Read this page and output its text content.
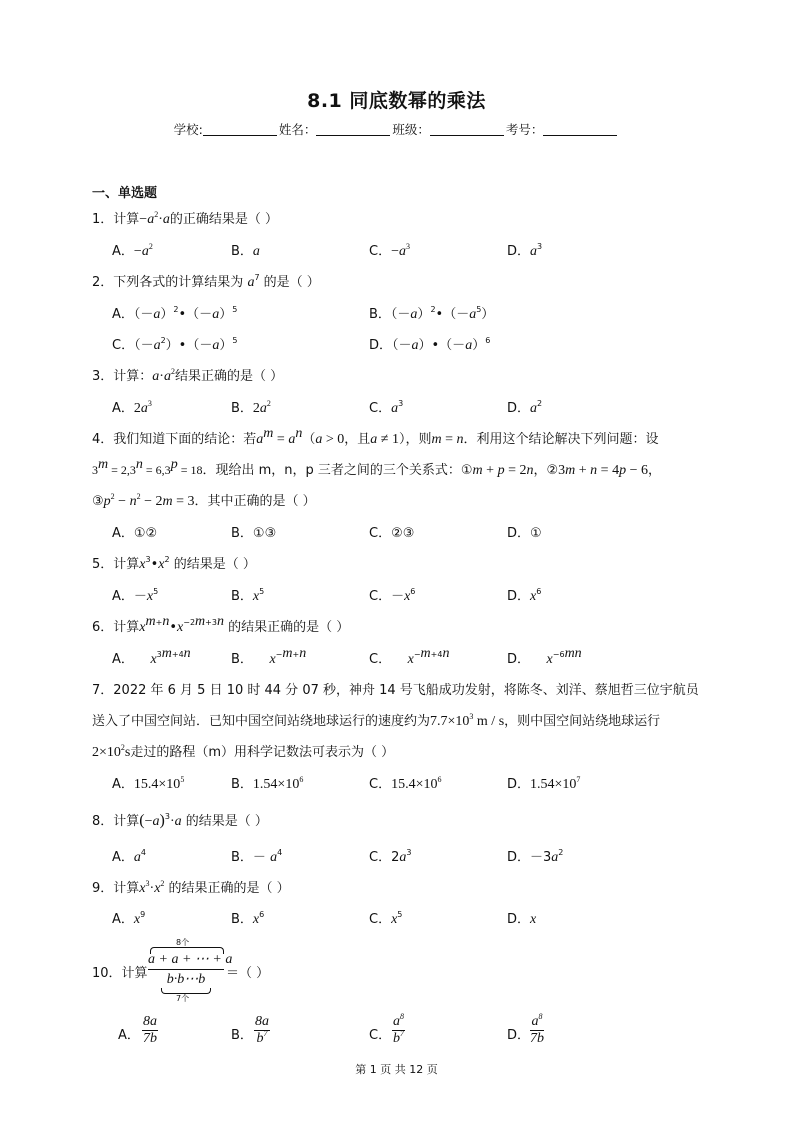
8.1 同底数幂的乘法
学校:	姓名：	班级：	考号：
一、单选题
1．计算$-a^2\cdot a$的正确结果是（ ）
A．$-a^2$	B．a	C．$-a^3$	D．$a^3$
2．下列各式的计算结果为 $a^7$ 的是（ ）
A．$(-a)^2•(-a)^5$	B．$(-a)^2•(-a^5)$
C．$(-a^2)•(-a)^5$	D．$(-a)•(-a)^6$
3．计算：$a\cdot a^2$结果正确的是（ ）
A．$2a^3$	B．$2a^2$	C．$a^3$	D．$a^2$
4．我们知道下面的结论：若$a^m = a^n(a > 0$，且a ≠ 1），则m = n．利用这个结论解决下列问题：设
$3^m = 2,3^n = 6,3^p = 18$．现给出 m，n，p 三者之间的三个关系式：①m + p = 2n，②3m + n = 4p − 6，
$③p^2 - n^2 - 2m = 3$．其中正确的是（ ）
A．①②	B．①③	C．②③	D．①
5．计算$x^3•x^2$ 的结果是（ ）
A．$-x^5$	B．$x^5$	C．$-x^6$	D．$x^6$
6．计算$x^{m+n}•x^{-2m+3n}$ 的结果正确的是（ ）
A．    $x^{3m+4n}$	B．    $x^{-m+n}$	C．    $x^{-m+4n}$	D．    $x^{-6mn}$
7．2022 年 6 月 5 日 10 时 44 分 07 秒，神舟 14 号飞船成功发射，将陈冬、刘洋、蔡旭哲三位宇航员
送入了中国空间站．已知中国空间站绕地球运行的速度约为$7.7\times 10^3$ m / s，则中国空间站绕地球运行
$2\times 10^2s$走过的路程（m）用科学记数法可表示为（ ）
A．$15.4\times 10^5$	B．$1.54\times 10^6$	C．$15.4\times 10^6$	D．$1.54\times 10^7$
8．计算$(-a)^3\cdot a$ 的结果是（ ）
A．$a^4$	B．－ $a^4$	C．$2a^3$	D．$-3a^2$
9．计算$x^3\cdot x^2$ 的结果正确的是（ ）
A．$x^9$	B．$x^6$	C．$x^5$	D．x
8个
10．计算
a + a + ⋯ + a
b·b⋯b
7个
＝（ ）
A． $\frac{8a}{7b}$	B． $\frac{8a}{b^7}$	C． $\frac{a^8}{b^7}$	D． $\frac{a^8}{7b}$
第 1 页 共 12 页
